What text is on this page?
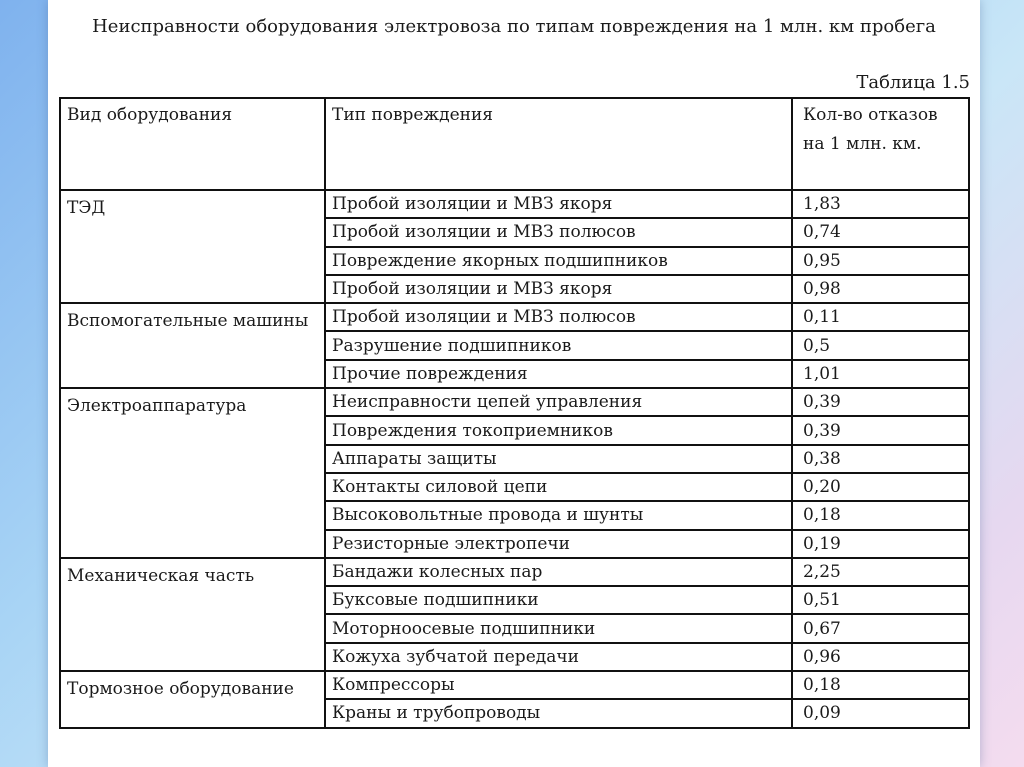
Неисправности оборудования электровоза по типам повреждения на 1 млн. км пробега
Таблица 1.5
Вид оборудования	Тип повреждения	Кол-во отказов на 1 млн. км.
ТЭД	Пробой изоляции и МВЗ якоря	1,83
	Пробой изоляции и МВЗ полюсов	0,74
	Повреждение якорных подшипников	0,95
	Пробой изоляции и МВЗ якоря	0,98
Вспомогательные машины	Пробой изоляции и МВЗ полюсов	0,11
	Разрушение подшипников	0,5
	Прочие повреждения	1,01
Электроаппаратура	Неисправности цепей управления	0,39
	Повреждения токоприемников	0,39
	Аппараты защиты	0,38
	Контакты силовой цепи	0,20
	Высоковольтные провода и шунты	0,18
	Резисторные электропечи	0,19
Механическая часть	Бандажи колесных пар	2,25
	Буксовые подшипники	0,51
	Моторноосевые подшипники	0,67
	Кожуха зубчатой передачи	0,96
Тормозное оборудование	Компрессоры	0,18
	Краны и трубопроводы	0,09
